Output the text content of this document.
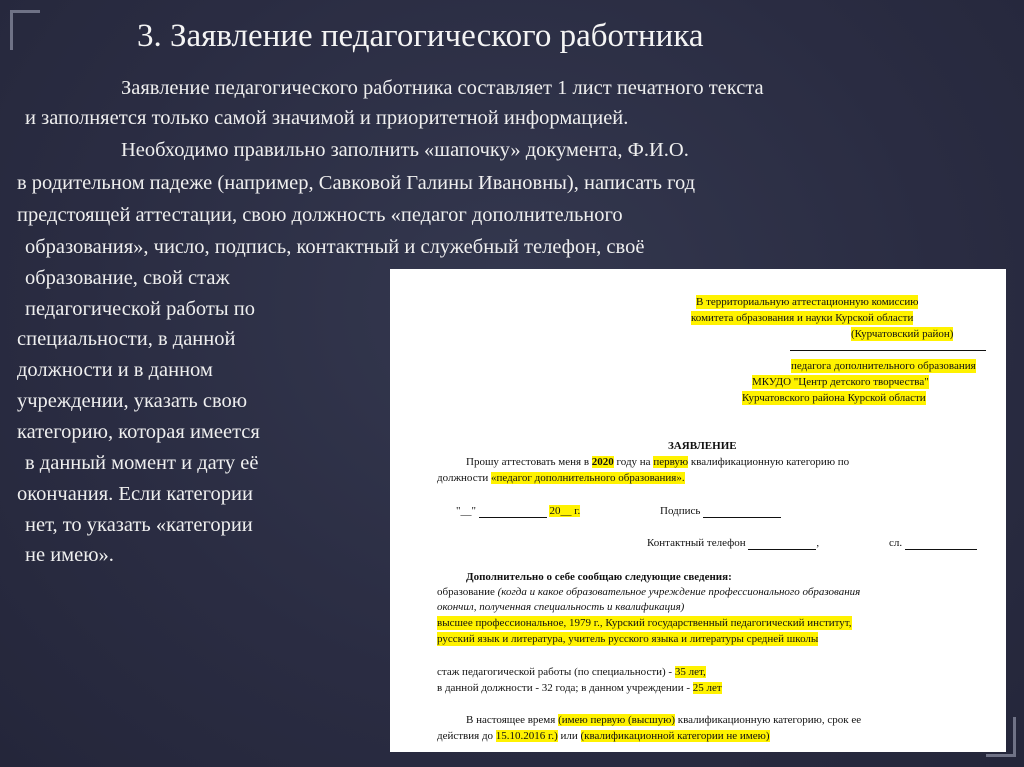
3. Заявление педагогического работника
Заявление педагогического работника составляет 1 лист печатного текста
и заполняется только самой значимой и приоритетной информацией.
Необходимо правильно заполнить «шапочку» документа, Ф.И.О.
в родительном падеже (например, Савковой Галины Ивановны), написать год
предстоящей аттестации, свою должность «педагог дополнительного
образования», число, подпись, контактный и служебный телефон, своё
образование, свой стаж
педагогической работы по
специальности, в данной
должности и в данном
учреждении, указать свою
категорию, которая имеется
в данный момент и дату её
окончания. Если категории
нет, то указать «категории
не имею».
В территориальную аттестационную комиссию
комитета образования и науки Курской области
(Курчатовский район)
педагога дополнительного образования
МКУДО "Центр детского творчества"
Курчатовского района Курской области
ЗАЯВЛЕНИЕ
Прошу аттестовать меня в 2020 году на первую квалификационную категорию по
должности «педагог дополнительного образования».
"__"	20__ г.	Подпись
Контактный телефон	,	сл.
Дополнительно о себе сообщаю следующие сведения:
образование (когда и какое образовательное учреждение профессионального образования
окончил, полученная специальность и квалификация)
высшее профессиональное, 1979 г., Курский государственный педагогический институт,
русский язык и литература, учитель русского языка и литературы средней школы
стаж педагогической работы (по специальности) - 35 лет,
в данной должности - 32 года; в данном учреждении - 25 лет
В настоящее время (имею первую (высшую) квалификационную категорию, срок ее
действия до 15.10.2016 г.) или (квалификационной категории не имею)
